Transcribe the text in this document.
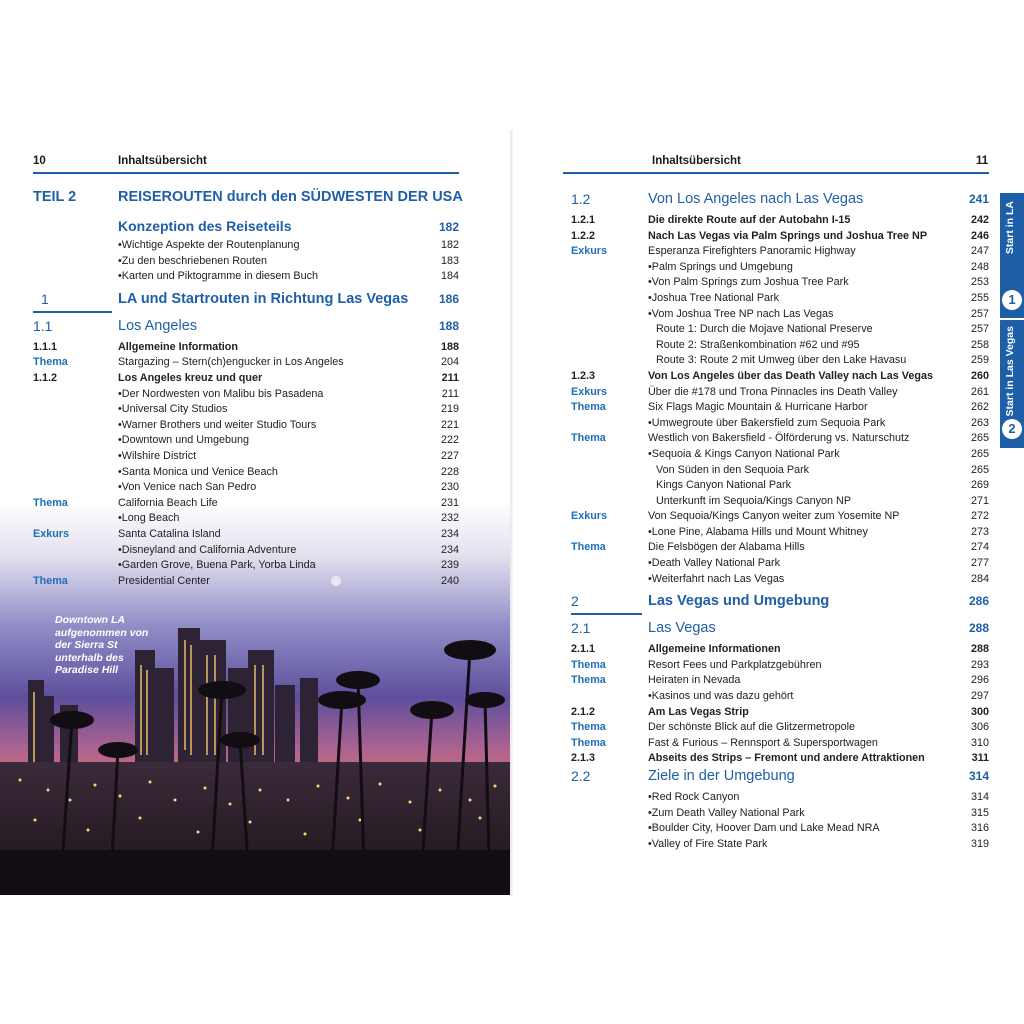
10	Inhaltsübersicht
Downtown LA aufgenommen von der Sierra St unterhalb des Paradise Hill
TEIL 2	REISEROUTEN durch den SÜDWESTEN DER USA
Konzeption des Reiseteils	182
• Wichtige Aspekte der Routenplanung	182
• Zu den beschriebenen Routen	183
• Karten und Piktogramme in diesem Buch	184
1	LA und Startrouten in Richtung Las Vegas	186
1.1	Los Angeles	188
1.1.1	Allgemeine Information	188
Thema	Stargazing – Stern(ch)engucker in Los Angeles	204
1.1.2	Los Angeles kreuz und quer	211
• Der Nordwesten von Malibu bis Pasadena	211
• Universal City Studios	219
• Warner Brothers und weiter Studio Tours	221
• Downtown und Umgebung	222
• Wilshire District	227
• Santa Monica und Venice Beach	228
• Von Venice nach San Pedro	230
Thema	California Beach Life	231
• Long Beach	232
Exkurs	Santa Catalina Island	234
• Disneyland and California Adventure	234
• Garden Grove, Buena Park, Yorba Linda	239
Thema	Presidential Center	240
Inhaltsübersicht	11
1.2	Von Los Angeles nach Las Vegas	241
1.2.1	Die direkte Route auf der Autobahn I-15	242
1.2.2	Nach Las Vegas via Palm Springs und Joshua Tree NP	246
Exkurs	Esperanza Firefighters Panoramic Highway	247
• Palm Springs und Umgebung	248
• Von Palm Springs zum Joshua Tree Park	253
• Joshua Tree National Park	255
• Vom Joshua Tree NP nach Las Vegas	257
Route 1: Durch die Mojave National Preserve	257
Route 2: Straßenkombination #62 und #95	258
Route 3: Route 2 mit Umweg über den Lake Havasu	259
1.2.3	Von Los Angeles über das Death Valley nach Las Vegas	260
Exkurs	Über die #178 und Trona Pinnacles ins Death Valley	261
Thema	Six Flags Magic Mountain & Hurricane Harbor	262
• Umwegroute über Bakersfield zum Sequoia Park	263
Thema	Westlich von Bakersfield - Ölförderung vs. Naturschutz	265
• Sequoia & Kings Canyon National Park	265
Von Süden in den Sequoia Park	265
Kings Canyon National Park	269
Unterkunft im Sequoia/Kings Canyon NP	271
Exkurs	Von Sequoia/Kings Canyon weiter zum Yosemite NP	272
• Lone Pine, Alabama Hills und Mount Whitney	273
Thema	Die Felsbögen der Alabama Hills	274
• Death Valley National Park	277
• Weiterfahrt nach Las Vegas	284
2	Las Vegas und Umgebung	286
2.1	Las Vegas	288
2.1.1	Allgemeine Informationen	288
Thema	Resort Fees und Parkplatzgebühren	293
Thema	Heiraten in Nevada	296
• Kasinos und was dazu gehört	297
2.1.2	Am Las Vegas Strip	300
Thema	Der schönste Blick auf die Glitzermetropole	306
Thema	Fast & Furious – Rennsport & Supersportwagen	310
2.1.3	Abseits des Strips – Fremont und andere Attraktionen	311
2.2	Ziele in der Umgebung	314
• Red Rock Canyon	314
• Zum Death Valley National Park	315
• Boulder City, Hoover Dam und Lake Mead NRA	316
• Valley of Fire State Park	319
Start in LA
1
Start in Las Vegas
2
